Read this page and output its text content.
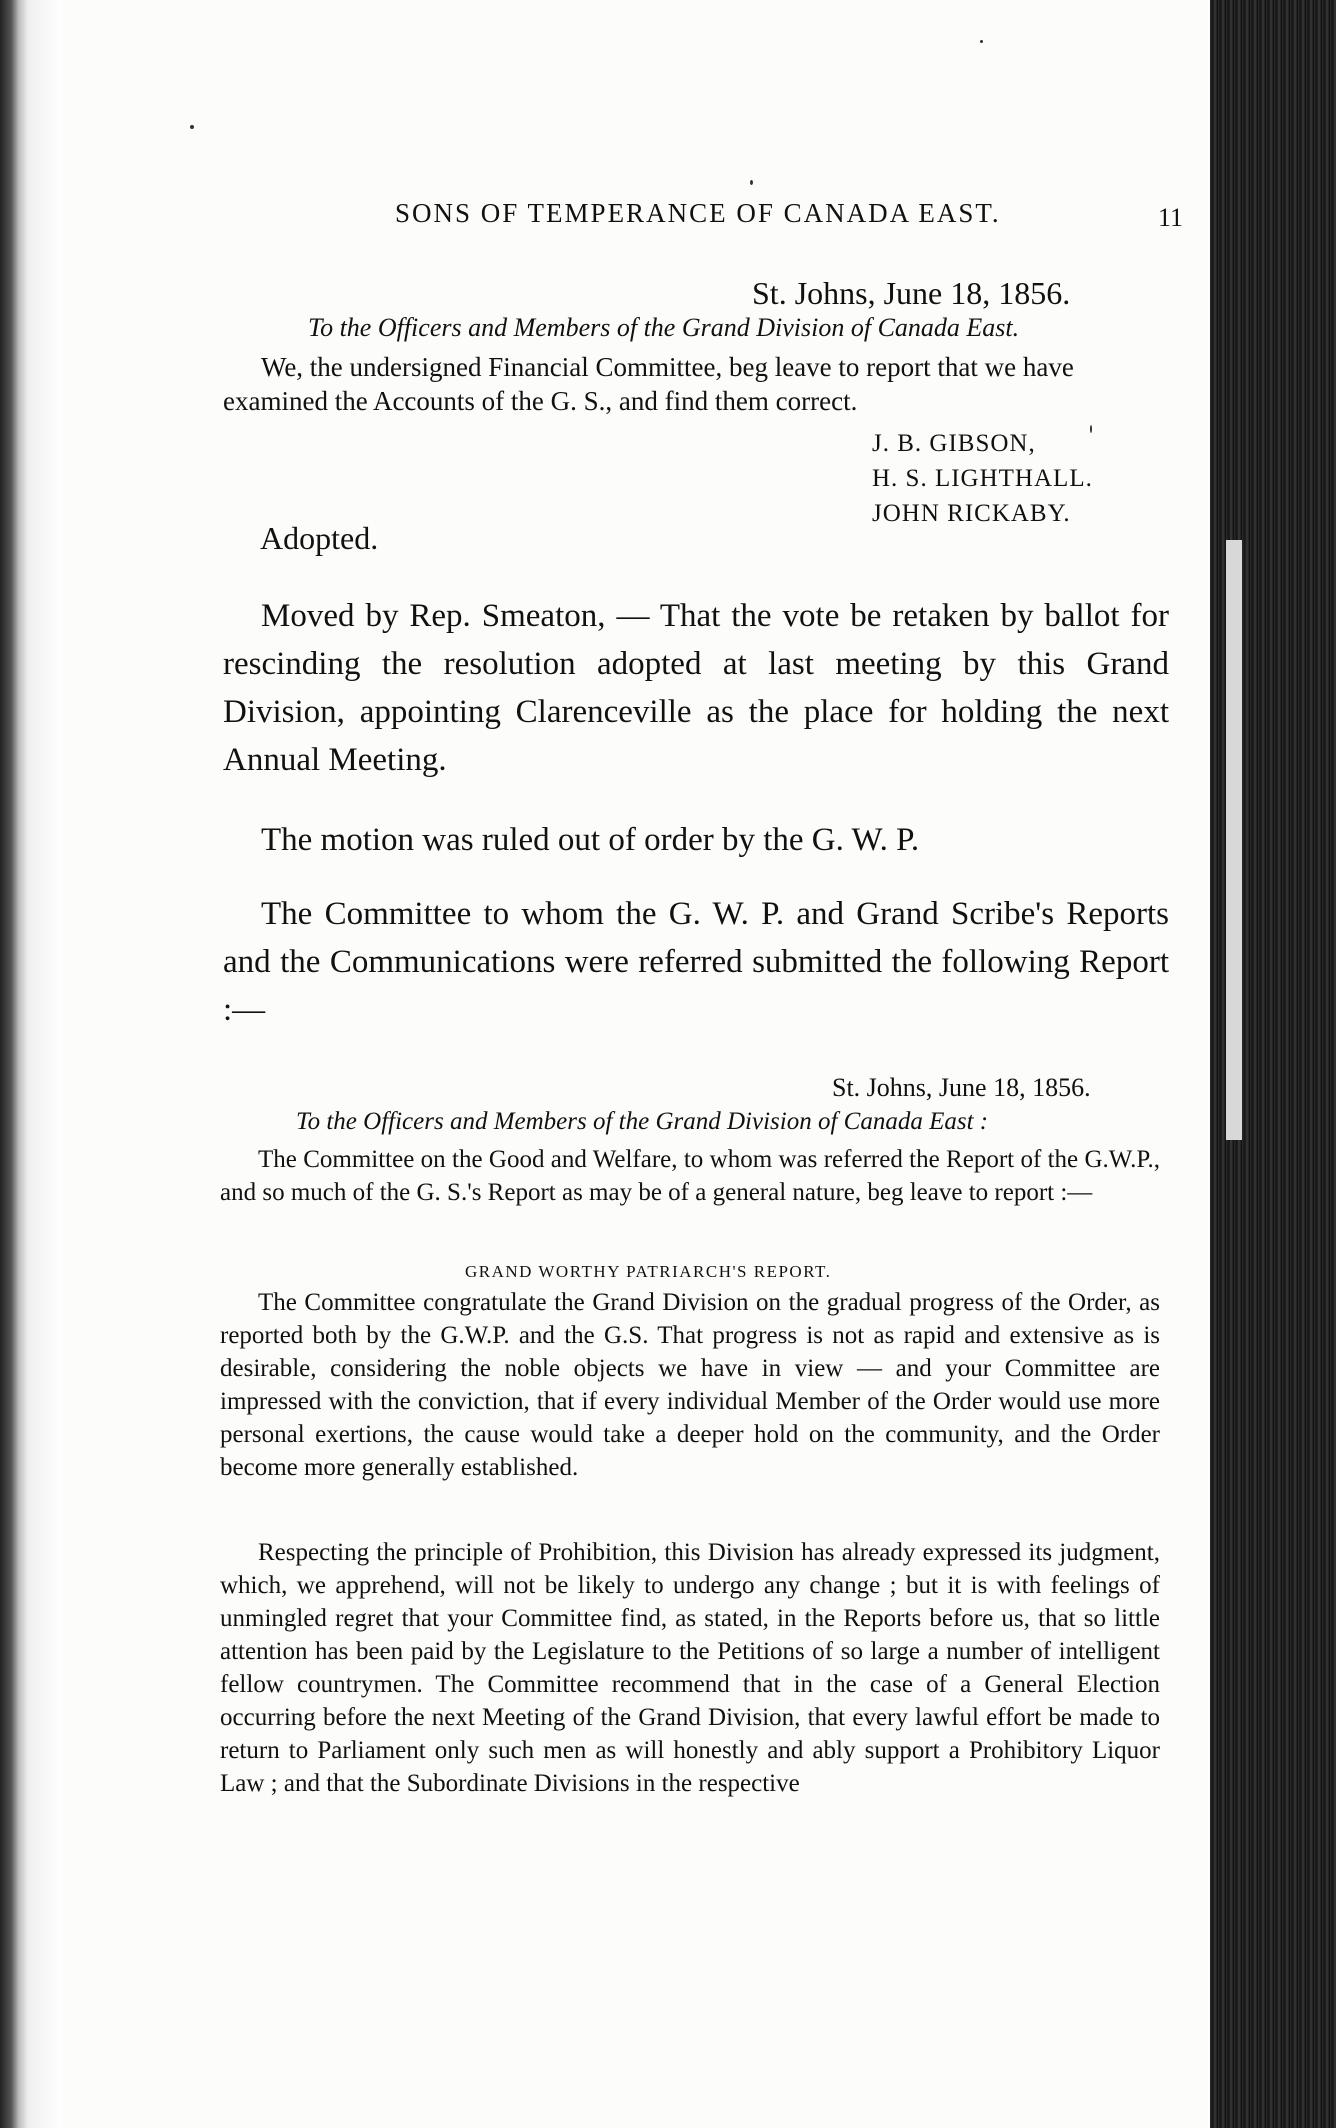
SONS OF TEMPERANCE OF CANADA EAST.	11

St. Johns, June 18, 1856.

To the Officers and Members of the Grand Division of Canada East.

We, the undersigned Financial Committee, beg leave to report that we have examined the Accounts of the G. S., and find them correct.

J. B. GIBSON,

H. S. LIGHTHALL.

JOHN RICKABY.

Adopted.

Moved by Rep. Smeaton, — That the vote be retaken by ballot for rescinding the resolution adopted at last meeting by this Grand Division, appointing Clarenceville as the place for holding the next Annual Meeting.

The motion was ruled out of order by the G. W. P.

The Committee to whom the G. W. P. and Grand Scribe's Reports and the Communications were referred submitted the following Report :—

St. Johns, June 18, 1856.

To the Officers and Members of the Grand Division of Canada East :

The Committee on the Good and Welfare, to whom was referred the Report of the G.W.P., and so much of the G. S.'s Report as may be of a general nature, beg leave to report :—

GRAND WORTHY PATRIARCH'S REPORT.

The Committee congratulate the Grand Division on the gradual progress of the Order, as reported both by the G.W.P. and the G.S. That progress is not as rapid and extensive as is desirable, considering the noble objects we have in view — and your Committee are impressed with the conviction, that if every individual Member of the Order would use more personal exertions, the cause would take a deeper hold on the community, and the Order become more generally established.

Respecting the principle of Prohibition, this Division has already expressed its judgment, which, we apprehend, will not be likely to undergo any change ; but it is with feelings of unmingled regret that your Committee find, as stated, in the Reports before us, that so little attention has been paid by the Legislature to the Petitions of so large a number of intelligent fellow countrymen. The Committee recommend that in the case of a General Election occurring before the next Meeting of the Grand Division, that every lawful effort be made to return to Parliament only such men as will honestly and ably support a Prohibitory Liquor Law ; and that the Subordinate Divisions in the respective
